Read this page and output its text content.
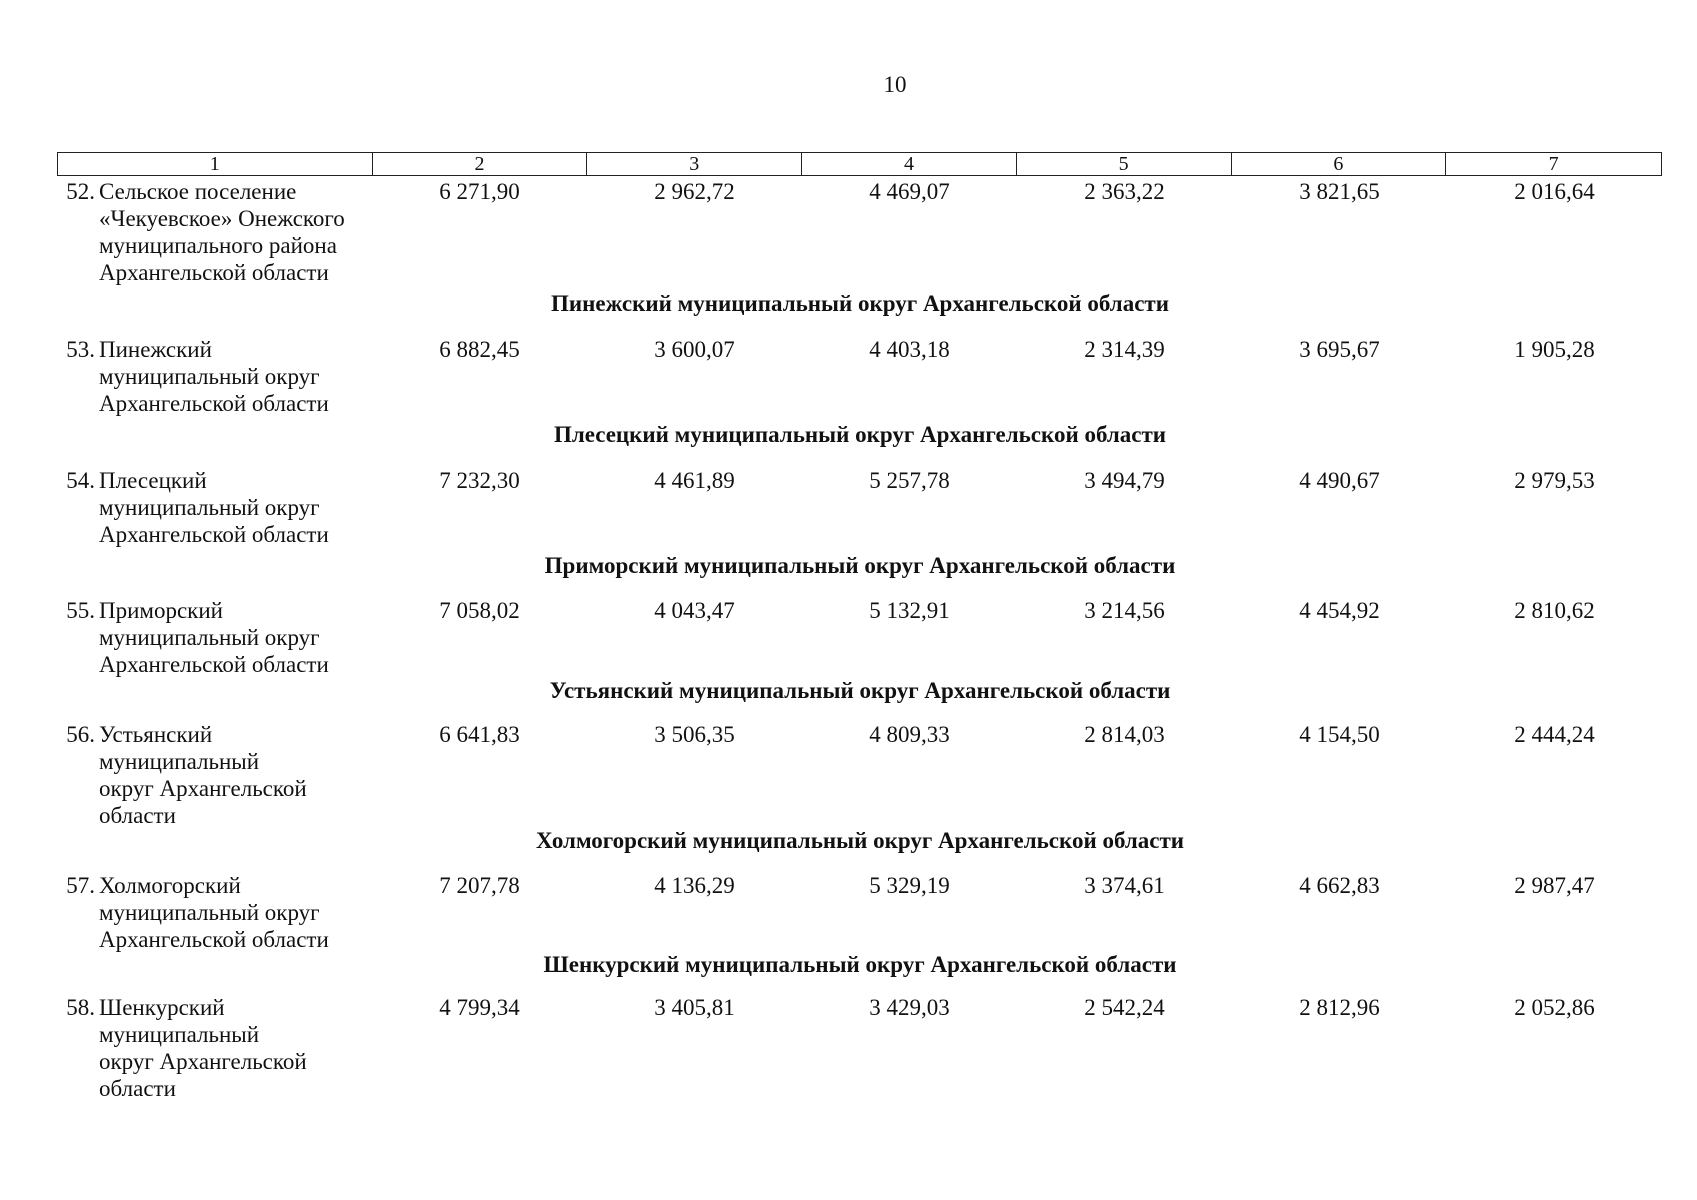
10
1	2	3	4	5	6	7
52. Сельское поселение
«Чекуевское» Онежского
муниципального района
Архангельской области
6 271,90	2 962,72	4 469,07	2 363,22	3 821,65	2 016,64
Пинежский муниципальный округ Архангельской области
53. Пинежский
муниципальный округ
Архангельской области
6 882,45	3 600,07	4 403,18	2 314,39	3 695,67	1 905,28
Плесецкий муниципальный округ Архангельской области
54. Плесецкий
муниципальный округ
Архангельской области
7 232,30	4 461,89	5 257,78	3 494,79	4 490,67	2 979,53
Приморский муниципальный округ Архангельской области
55. Приморский
муниципальный округ
Архангельской области
7 058,02	4 043,47	5 132,91	3 214,56	4 454,92	2 810,62
Устьянский муниципальный округ Архангельской области
56. Устьянский
муниципальный
округ Архангельской
области
6 641,83	3 506,35	4 809,33	2 814,03	4 154,50	2 444,24
Холмогорский муниципальный округ Архангельской области
57. Холмогорский
муниципальный округ
Архангельской области
7 207,78	4 136,29	5 329,19	3 374,61	4 662,83	2 987,47
Шенкурский муниципальный округ Архангельской области
58. Шенкурский
муниципальный
округ Архангельской
области
4 799,34	3 405,81	3 429,03	2 542,24	2 812,96	2 052,86
